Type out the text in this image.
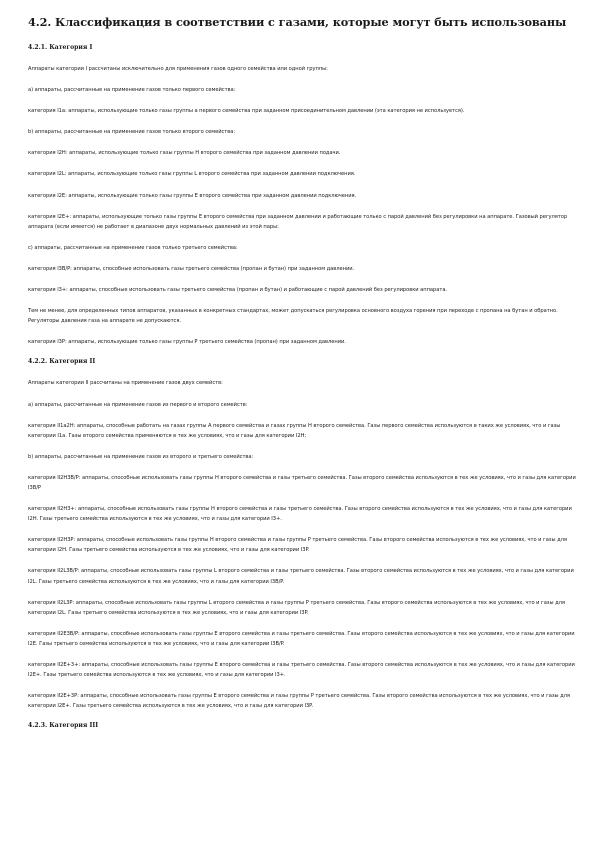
4.2. Классификация в соответствии с газами, которые могут быть использованы
4.2.1. Категория I

Аппараты категории I рассчитаны исключительно для применения газов одного семейства или одной группы:

a) аппараты, рассчитанные на применение газов только первого семейства:

категория I1a: аппараты, использующие только газы группы а первого семейства при заданном присоединительном давлении (эта категория не используется).

b) аппараты, рассчитанные на применение газов только второго семейства:

категория I2H: аппараты, использующие только газы группы H второго семейства при заданном давлении подачи.

категория I2L: аппараты, использующие только газы группы L второго семейства при заданном давлении подключения.

категория I2E: аппараты, использующие только газы группы E второго семейства при заданном давлении подключения.

категория I2E+: аппараты, использующие только газы группы E второго семейства при заданном давлении и работающие только с парой давлений без регулировки на аппарате. Газовый регулятор аппарата (если имеется) не работает в диапазоне двух нормальных давлений из этой пары:

c) аппараты, рассчитанные на применение газов только третьего семейства:

категория I3B/P: аппараты, способные использовать газы третьего семейства (пропан и бутан) при заданном давлении.

категория I3+: аппараты, способные использовать газы третьего семейства (пропан и бутан) и работающие с парой давлений без регулировки аппарата.

Тем не менее, для определенных типов аппаратов, указанных в конкретных стандартах, может допускаться регулировка основного воздуха горения при переходе с пропана на бутан и обратно. Регуляторы давления газа на аппарате не допускаются.

категория I3P: аппараты, использующие только газы группы P третьего семейства (пропан) при заданном давлении.

4.2.2. Категория II

Аппараты категории II рассчитаны на применение газов двух семейств:

a) аппараты, рассчитанные на применение газов из первого и второго семейств:

категория II1a2H: аппараты, способные работать на газах группы A первого семейства и газах группы H второго семейства. Газы первого семейства используются в таких же условиях, что и газы категории I1a. Газы второго семейства применяются в тех же условиях, что и газы для категории I2H;

b) аппараты, рассчитанные на применение газов из второго и третьего семейства:

категория II2H3B/P: аппараты, способные использовать газы группы H второго семейства и газы третьего семейства. Газы второго семейства используются в тех же условиях, что и газы для категории I3B/P

категория II2H3+: аппараты, способные использовать газы группы H второго семейства и газы третьего семейства. Газы второго семейства используются в тех же условиях, что и газы для категории I2H. Газы третьего семейства используются в тех же условиях, что и газы для категории I3+.

категория II2H3P: аппараты, способные использовать газы группы H второго семейства и газы группы P третьего семейства. Газы второго семейства используются в тех же условиях, что и газы для категории I2H. Газы третьего семейства используются в тех же условиях, что и газы для категории I3P.

категория II2L3B/P: аппараты, способные использовать газы группы L второго семейства и газы третьего семейства. Газы второго семейства используются в тех же условиях, что и газы для категории I2L. Газы третьего семейства используются в тех же условиях, что и газы для категории I3B/P.

категория II2L3P: аппараты, способные использовать газы группы L второго семейства и газы группы P третьего семейства. Газы второго семейства используются в тех же условиях, что и газы для категории I2L. Газы третьего семейства используются в тех же условиях, что и газы для категории I3P.

категория II2E3B/P: аппараты, способные использовать газы группы E второго семейства и газы третьего семейства. Газы второго семейства используются в тех же условиях, что и газы для категории I2E. Газы третьего семейства используются в тех же условиях, что и газы для категории I3B/P.

категория II2E+3+: аппараты, способные использовать газы группы E второго семейства и газы третьего семейства. Газы второго семейства используются в тех же условиях, что и газы для категории I2E+. Газы третьего семейства используются в тех же условиях, что и газы для категории I3+.

категория II2E+3P: аппараты, способные использовать газы группы E второго семейства и газы группы P третьего семейства. Газы второго семейства используются в тех же условиях, что и газы для категории I2E+. Газы третьего семейства используются в тех же условиях, что и газы для категории I3P.

4.2.3. Категория III
